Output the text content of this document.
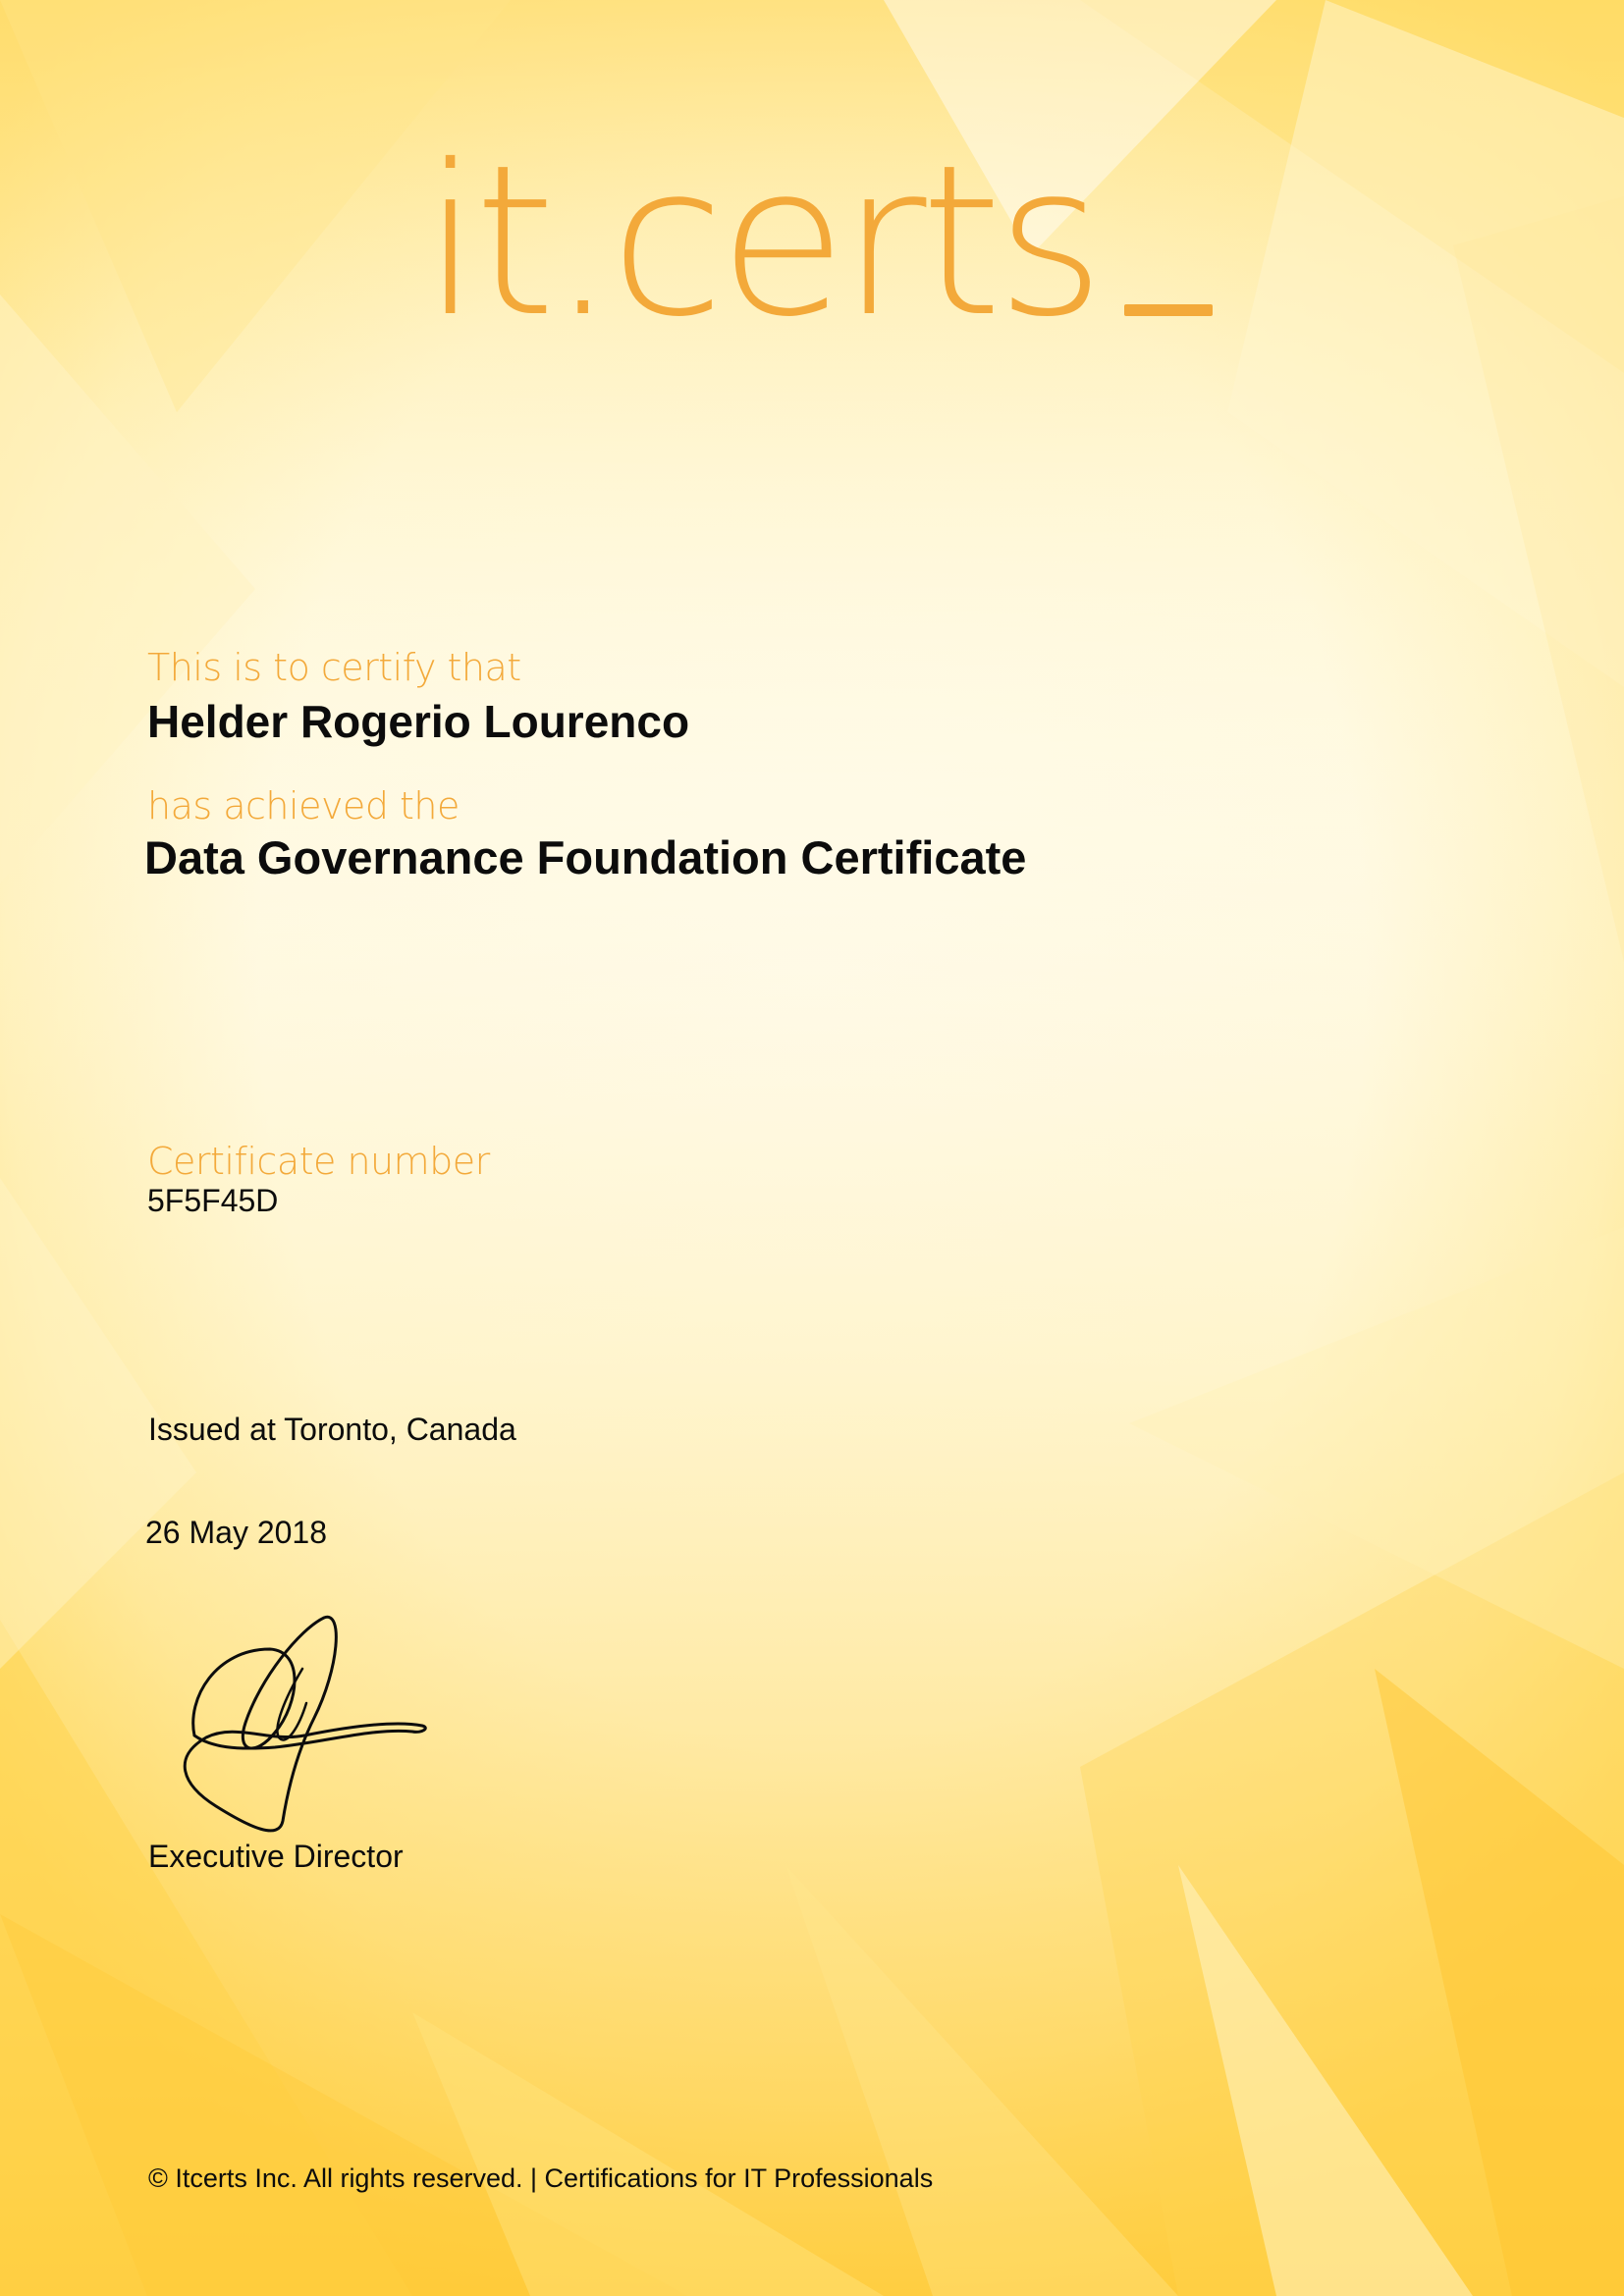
it.certs
This is to certify that
Helder Rogerio Lourenco
has achieved the
Data Governance Foundation Certificate
Certificate number
5F5F45D
Issued at Toronto, Canada
26 May 2018
Executive Director
© Itcerts Inc. All rights reserved. | Certifications for IT Professionals
